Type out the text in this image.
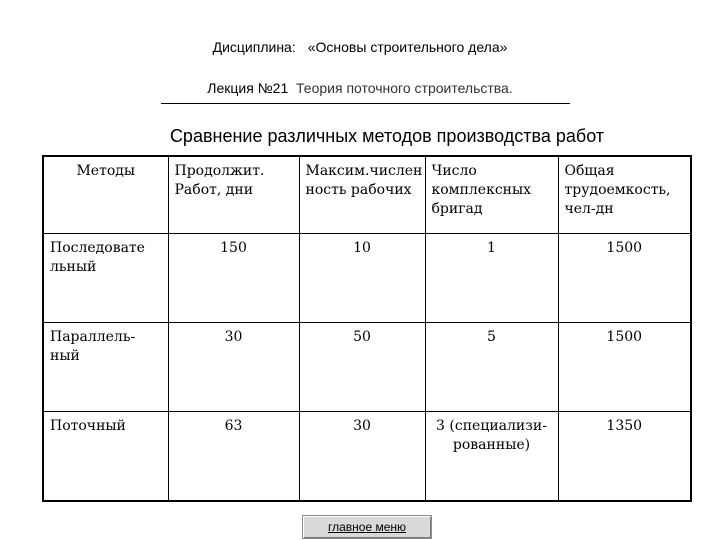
Дисциплина: «Основы строительного дела»
Лекция №21 Теория поточного строительства.
Сравнение различных методов производства работ
Методы	Продолжит. Работ, дни	Максим.числен ность рабочих	Число комплексных бригад	Общая трудоемкость, чел-дн
Последовате льный	150	10	1	1500
Параллель-ный	30	50	5	1500
Поточный	63	30	3 (специализи-рованные)	1350
главное меню
